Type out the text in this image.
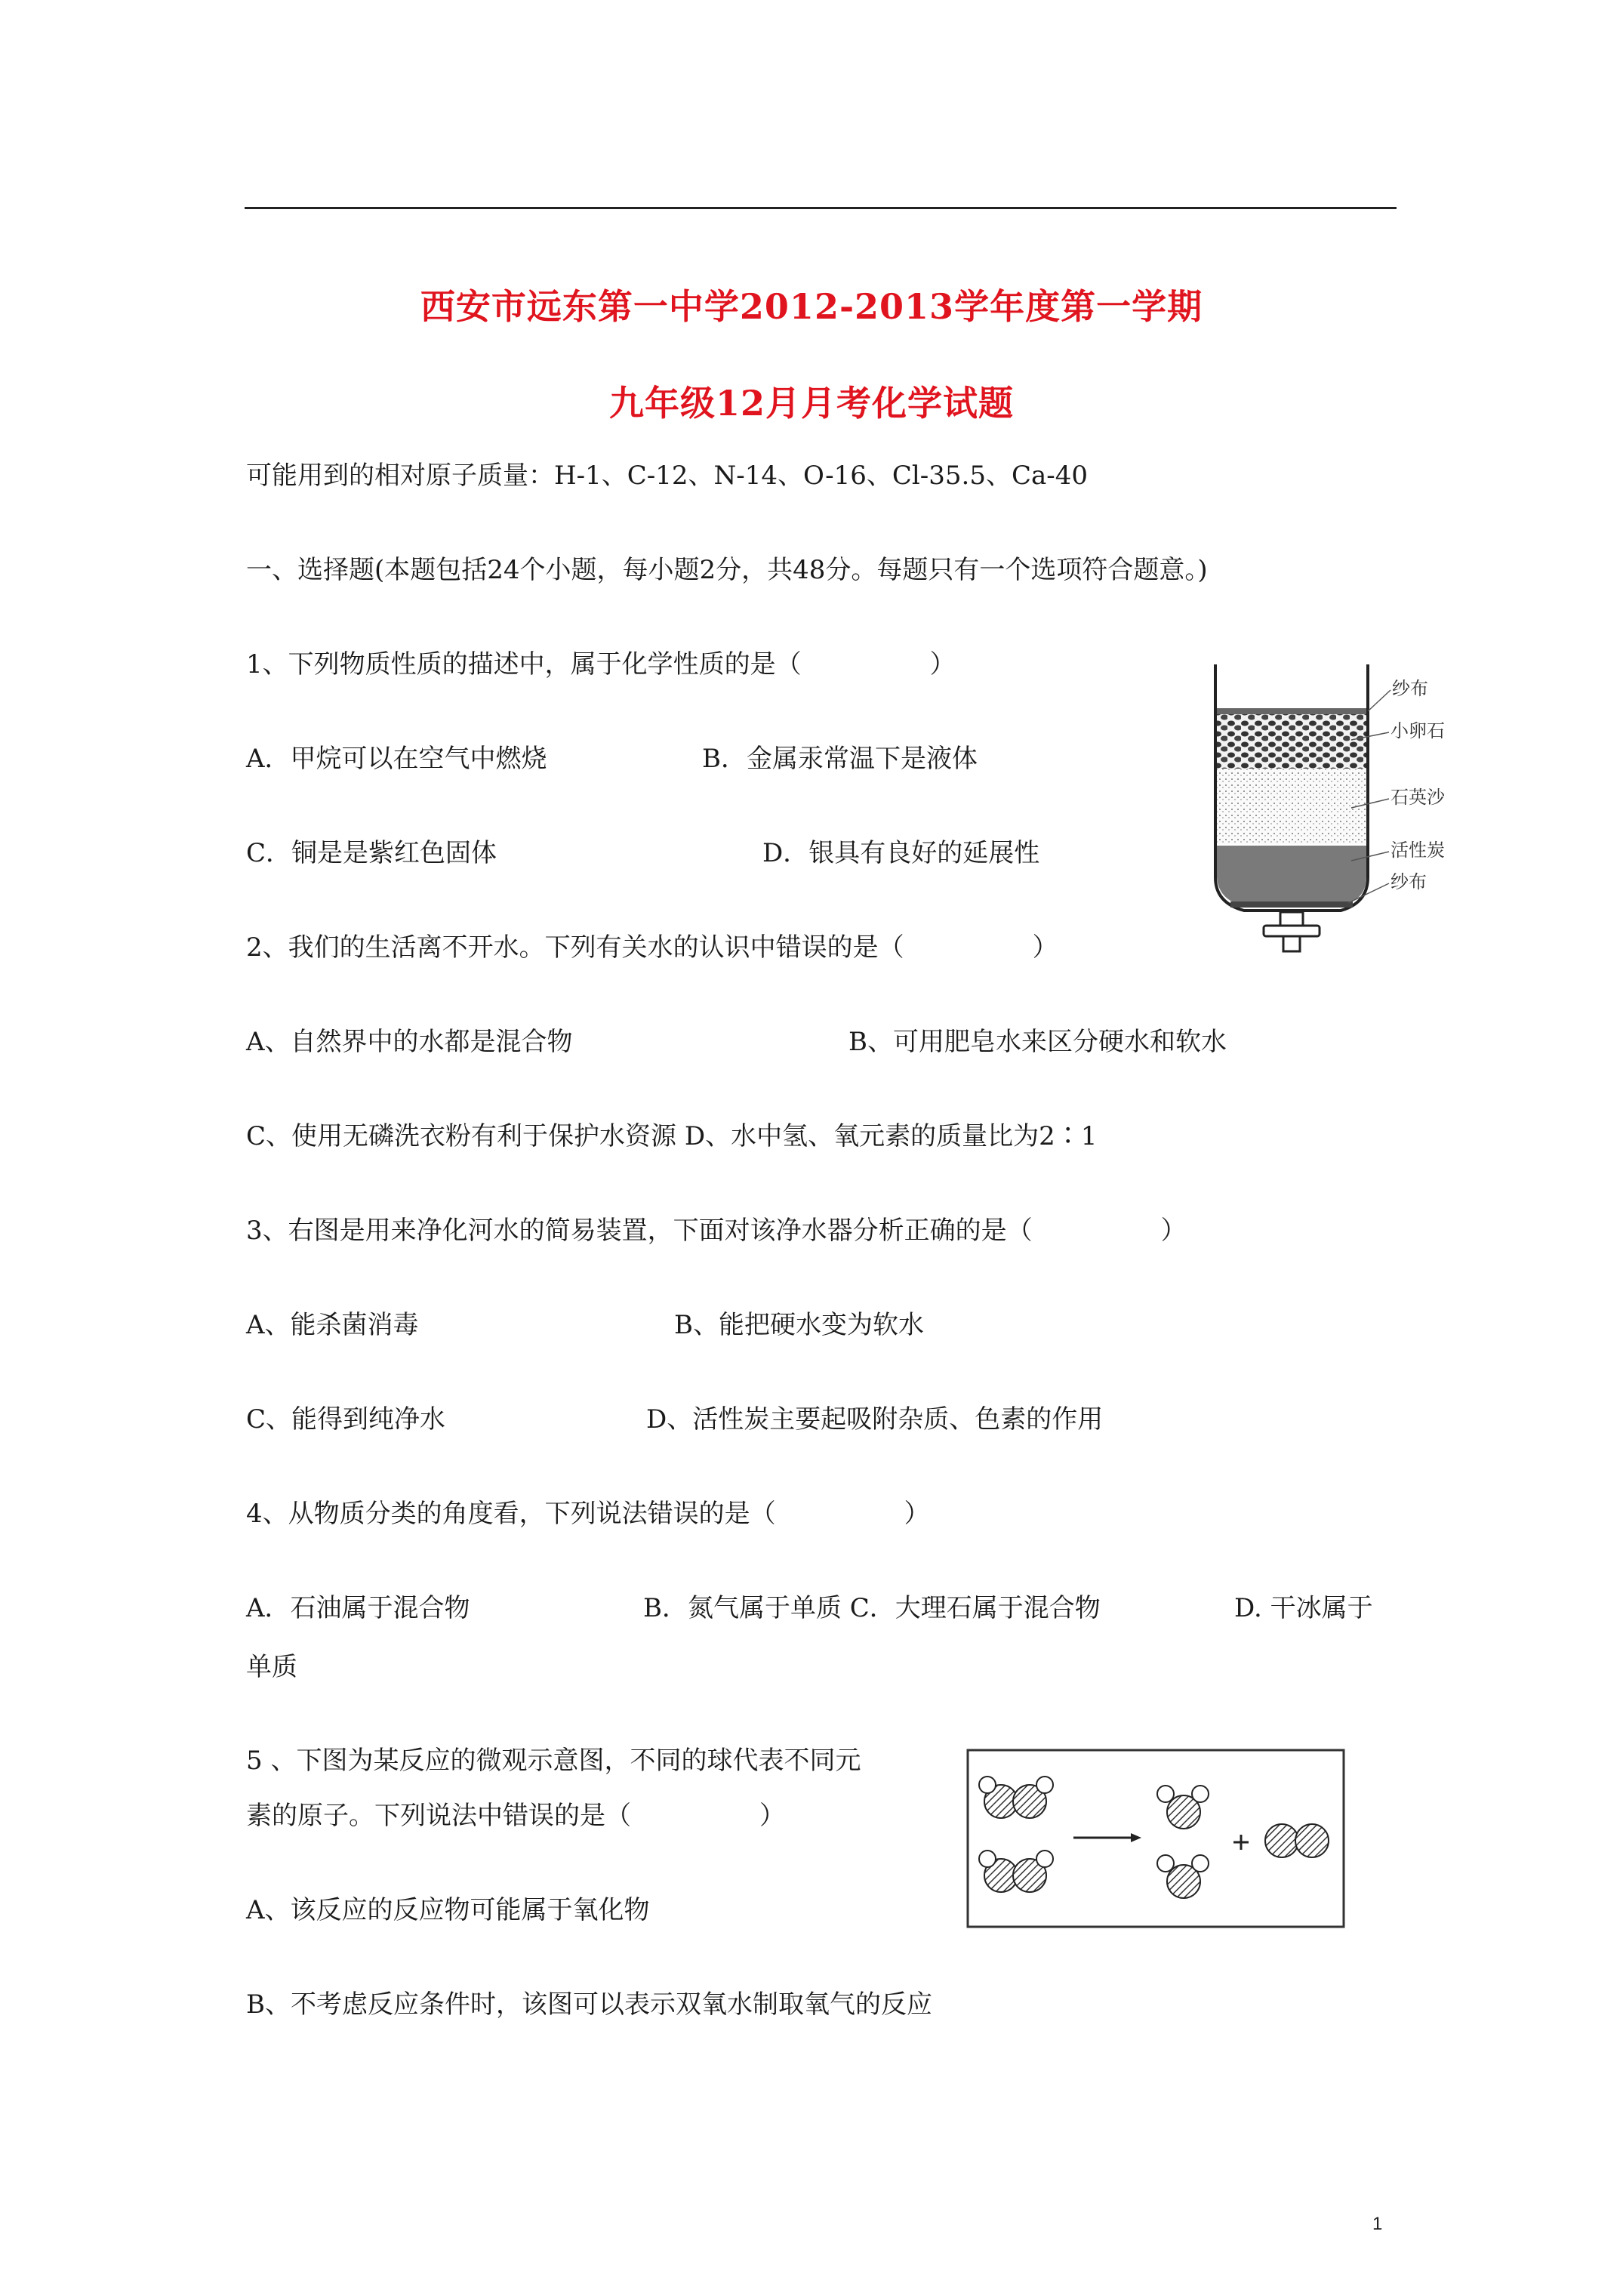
西安市远东第一中学2012-2013学年度第一学期
九年级12月月考化学试题
可能用到的相对原子质量：H-1、C-12、N-14、O-16、Cl-35.5、Ca-40
一、选择题(本题包括24个小题，每小题2分，共48分。每题只有一个选项符合题意。)
1、下列物质性质的描述中，属于化学性质的是（　　　　　）
A．甲烷可以在空气中燃烧	B．金属汞常温下是液体
C．铜是是紫红色固体	D．银具有良好的延展性
2、我们的生活离不开水。下列有关水的认识中错误的是（　　　　　）
A、自然界中的水都是混合物	B、可用肥皂水来区分硬水和软水
C、使用无磷洗衣粉有利于保护水资源 D、水中氢、氧元素的质量比为2∶1
3、右图是用来净化河水的简易装置，下面对该净水器分析正确的是（　　　　　）
A、能杀菌消毒	B、能把硬水变为软水
C、能得到纯净水	D、活性炭主要起吸附杂质、色素的作用
4、从物质分类的角度看，下列说法错误的是（　　　　　）
A．石油属于混合物	B．氮气属于单质 C．大理石属于混合物	D. 干冰属于
单质
5 、下图为某反应的微观示意图，不同的球代表不同元
素的原子。下列说法中错误的是（　　　　　）
A、该反应的反应物可能属于氧化物
B、不考虑反应条件时，该图可以表示双氧水制取氧气的反应
纱布
小卵石
石英沙
活性炭
纱布
1
